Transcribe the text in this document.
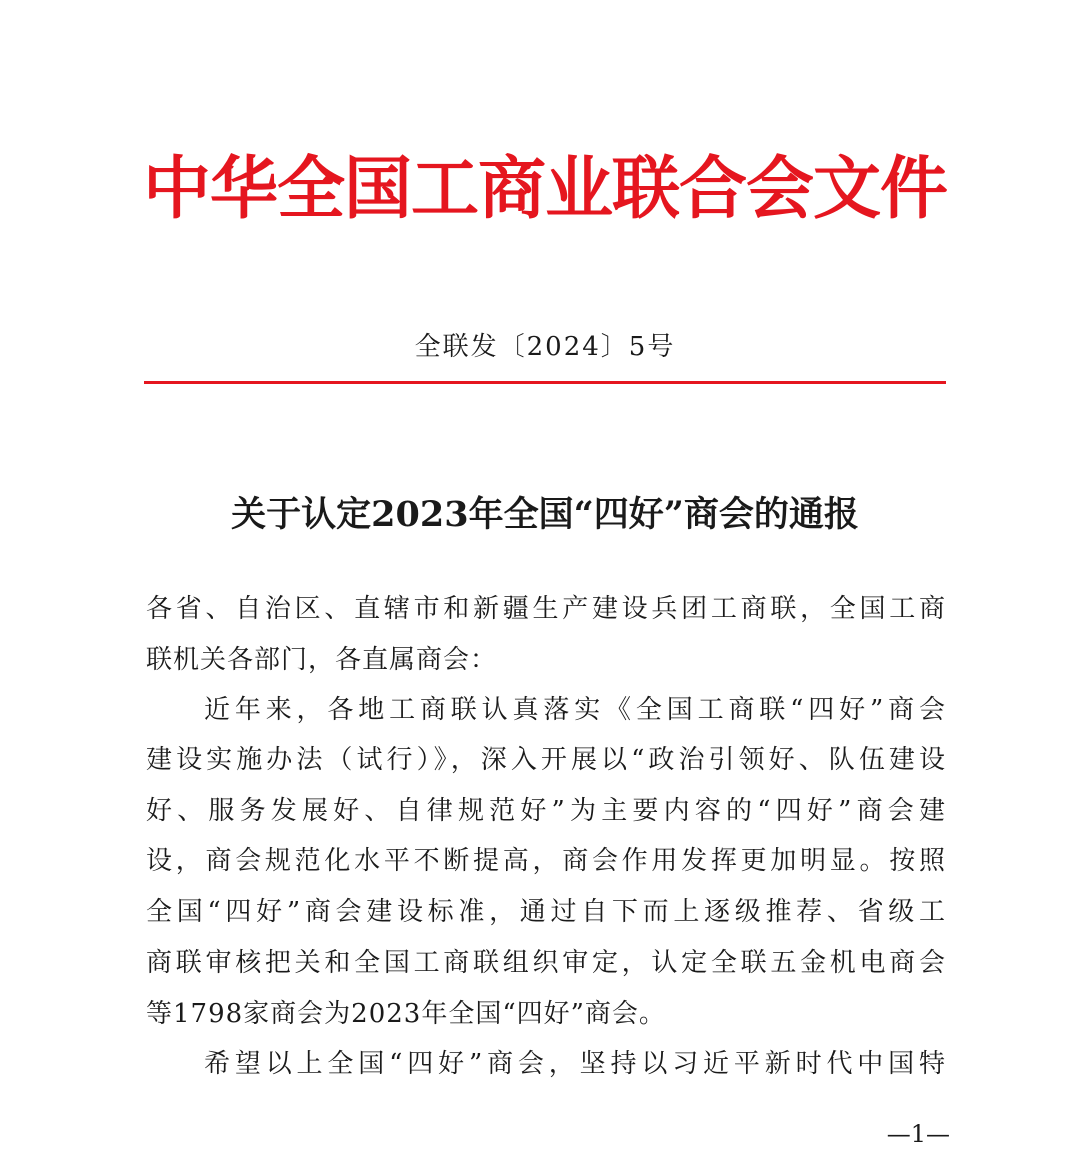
中华全国工商业联合会文件
全联发〔2024〕5号
关于认定2023年全国“四好”商会的通报
各省、自治区、直辖市和新疆生产建设兵团工商联，全国工商
联机关各部门，各直属商会：
近年来，各地工商联认真落实《全国工商联“四好”商会
建设实施办法（试行）》，深入开展以“政治引领好、队伍建设
好、服务发展好、自律规范好”为主要内容的“四好”商会建
设，商会规范化水平不断提高，商会作用发挥更加明显。按照
全国“四好”商会建设标准，通过自下而上逐级推荐、省级工
商联审核把关和全国工商联组织审定，认定全联五金机电商会
等1798家商会为2023年全国“四好”商会。
希望以上全国“四好”商会，坚持以习近平新时代中国特
—1—
